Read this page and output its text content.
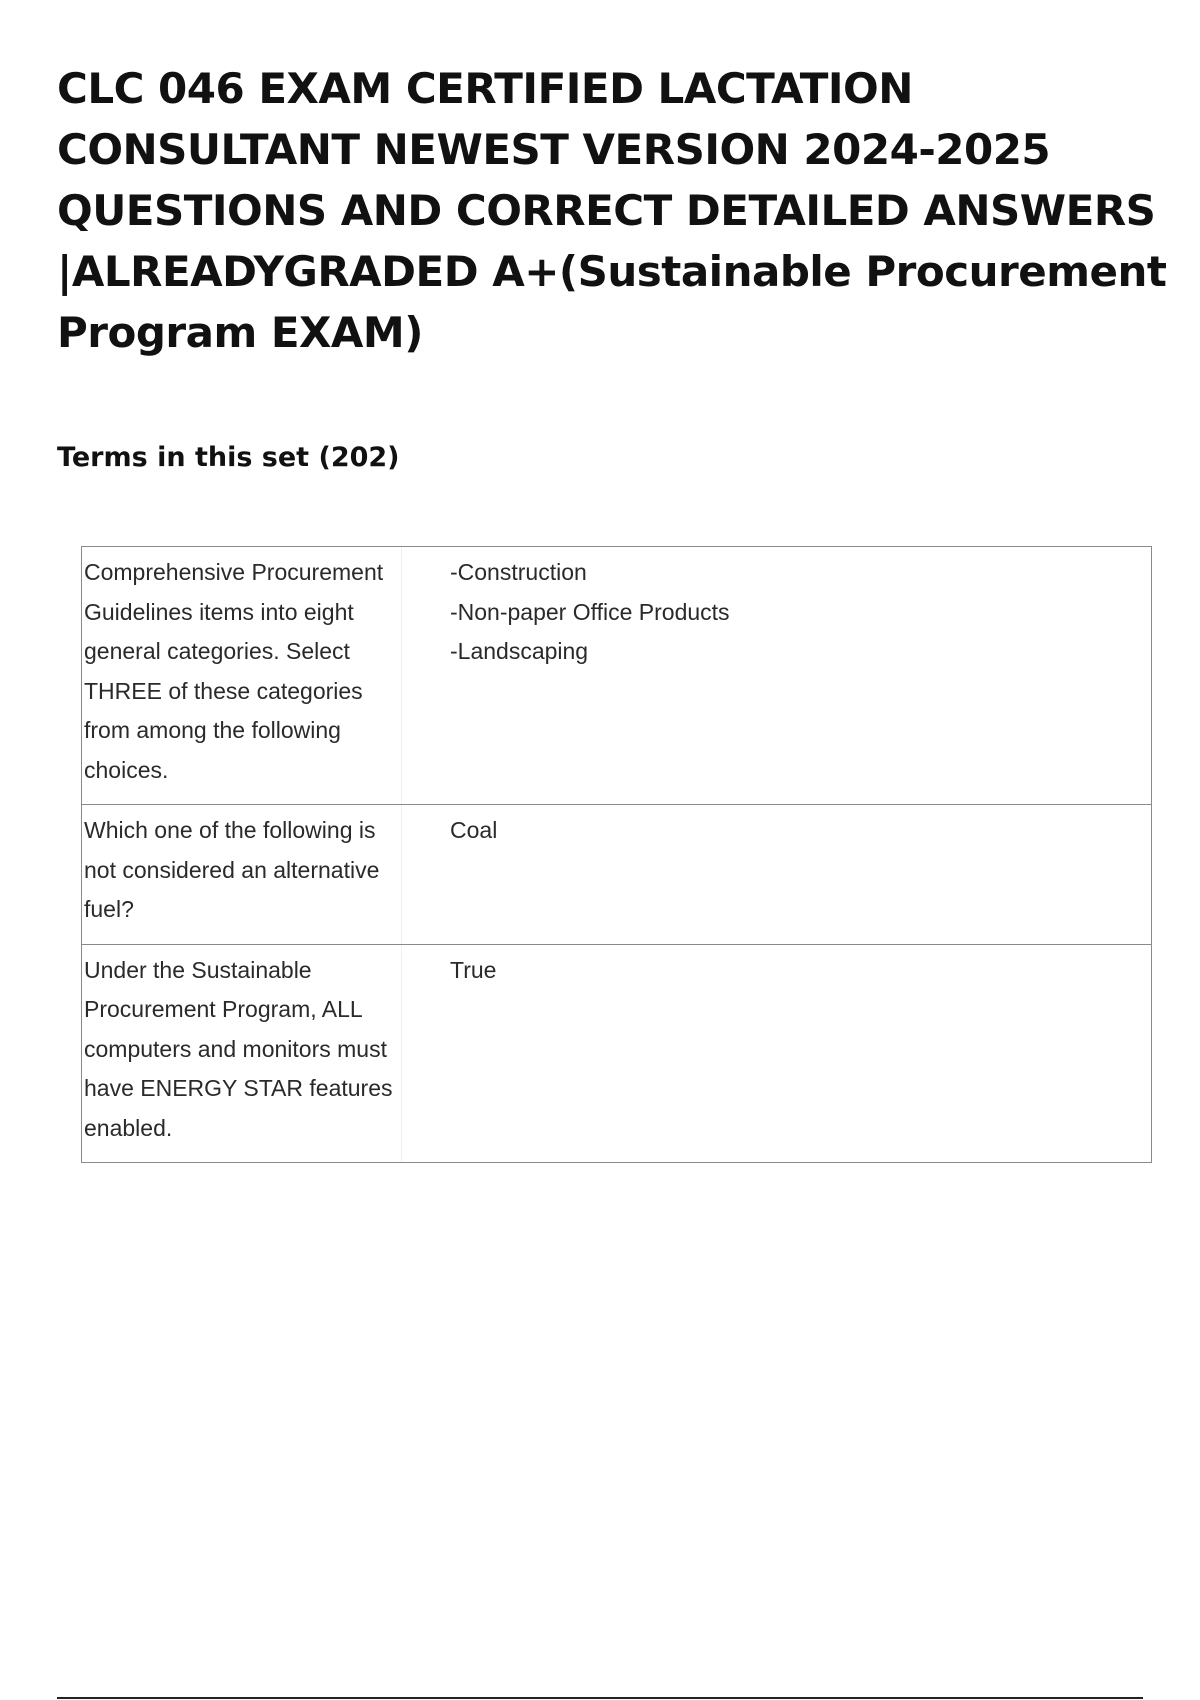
CLC 046 EXAM CERTIFIED LACTATION CONSULTANT NEWEST VERSION 2024-2025 QUESTIONS AND CORRECT DETAILED ANSWERS |ALREADYGRADED A+(Sustainable Procurement Program EXAM)
Terms in this set (202)
Comprehensive Procurement Guidelines items into eight general categories. Select THREE of these categories from among the following choices.
-Construction
-Non-paper Office Products
-Landscaping
Which one of the following is not considered an alternative fuel?
Coal
Under the Sustainable Procurement Program, ALL computers and monitors must have ENERGY STAR features enabled.
True
